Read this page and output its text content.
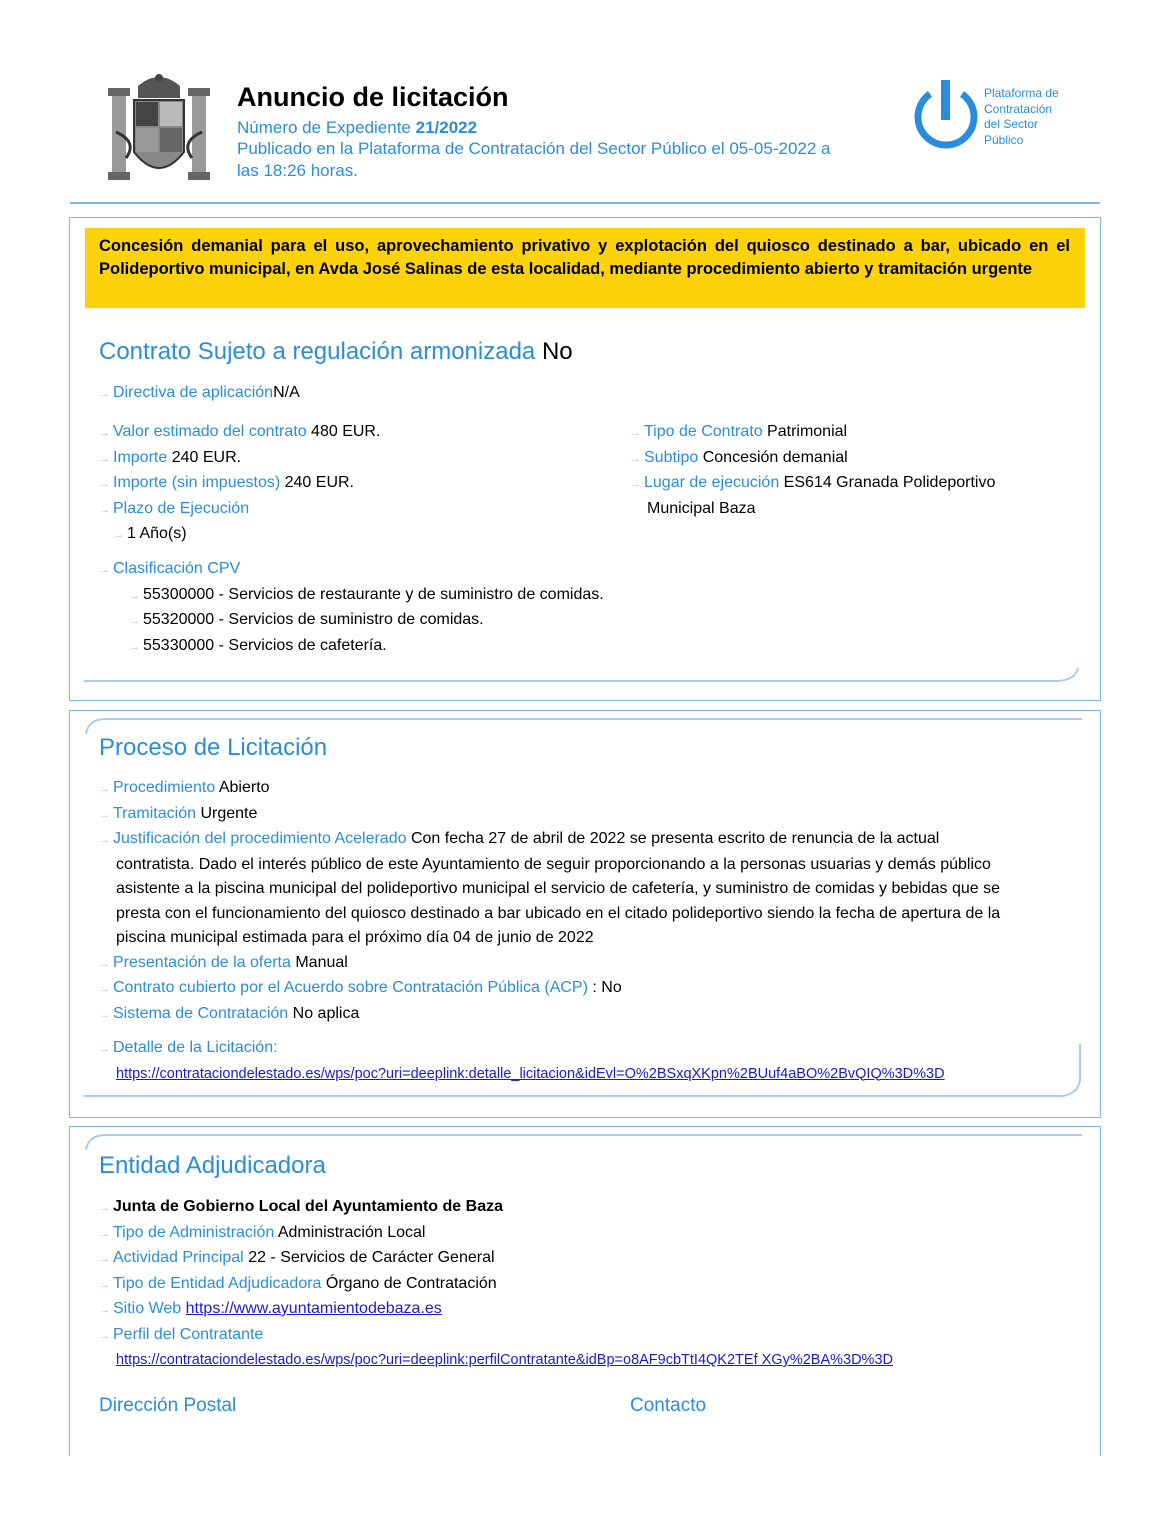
Anuncio de licitación
Número de Expediente 21/2022
Publicado en la Plataforma de Contratación del Sector Público el 05-05-2022 a
las 18:26 horas.
Plataforma de
Contratación
del Sector
Público
Concesión demanial para el uso, aprovechamiento privativo y explotación del quiosco destinado a bar, ubicado en el Polideportivo municipal, en Avda José Salinas de esta localidad, mediante procedimiento abierto y tramitación urgente
Contrato Sujeto a regulación armonizada No
→ Directiva de aplicaciónN/A
→ Valor estimado del contrato 480 EUR.
→ Importe 240 EUR.
→ Importe (sin impuestos) 240 EUR.
→ Plazo de Ejecución
→ 1 Año(s)
→ Tipo de Contrato Patrimonial
→ Subtipo Concesión demanial
→ Lugar de ejecución ES614 Granada Polideportivo
Municipal Baza
→ Clasificación CPV
→ 55300000 - Servicios de restaurante y de suministro de comidas.
→ 55320000 - Servicios de suministro de comidas.
→ 55330000 - Servicios de cafetería.
Proceso de Licitación
→ Procedimiento Abierto
→ Tramitación Urgente
→ Justificación del procedimiento Acelerado Con fecha 27 de abril de 2022 se presenta escrito de renuncia de la actual
contratista. Dado el interés público de este Ayuntamiento de seguir proporcionando a la personas usuarias y demás público
asistente a la piscina municipal del polideportivo municipal el servicio de cafetería, y suministro de comidas y bebidas que se
presta con el funcionamiento del quiosco destinado a bar ubicado en el citado polideportivo siendo la fecha de apertura de la
piscina municipal estimada para el próximo día 04 de junio de 2022
→ Presentación de la oferta Manual
→ Contrato cubierto por el Acuerdo sobre Contratación Pública (ACP) : No
→ Sistema de Contratación No aplica
→ Detalle de la Licitación:
https://contrataciondelestado.es/wps/poc?uri=deeplink:detalle_licitacion&idEvl=O%2BSxqXKpn%2BUuf4aBO%2BvQIQ%3D%3D
Entidad Adjudicadora
→ Junta de Gobierno Local del Ayuntamiento de Baza
→ Tipo de Administración Administración Local
→ Actividad Principal 22 - Servicios de Carácter General
→ Tipo de Entidad Adjudicadora Órgano de Contratación
→ Sitio Web https://www.ayuntamientodebaza.es
→ Perfil del Contratante
https://contrataciondelestado.es/wps/poc?uri=deeplink:perfilContratante&idBp=o8AF9cbTtI4QK2TEf XGy%2BA%3D%3D
Dirección Postal	Contacto
